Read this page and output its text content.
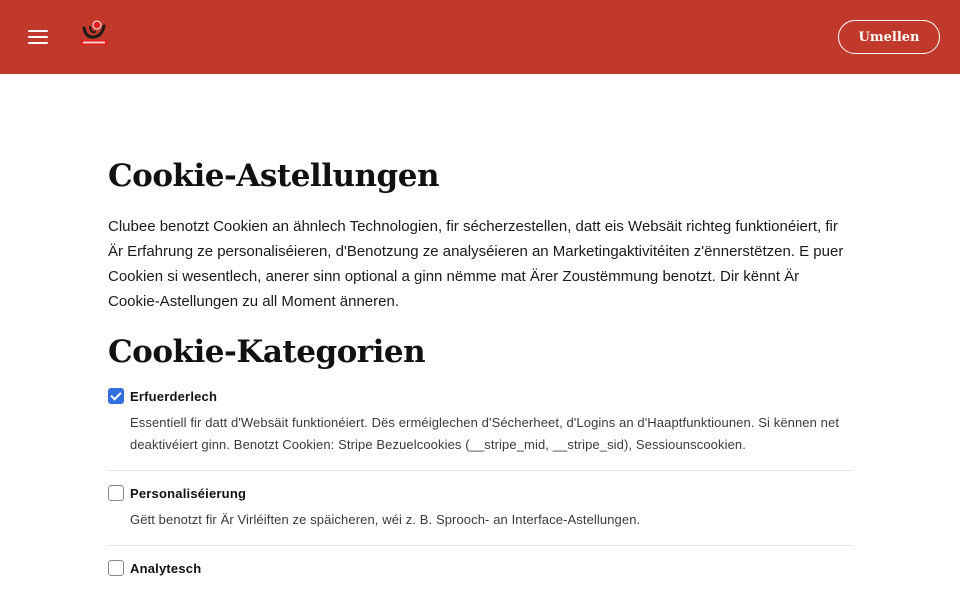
Umellen
Cookie-Astellungen

Clubee benotzt Cookien an ähnlech Technologien, fir sécherzestellen, datt eis Websäit richteg funktionéiert, fir Är Erfahrung ze personaliséieren, d'Benotzung ze analyséieren an Marketingaktivitéiten z'ënnerstëtzen. E puer Cookien si wesentlech, anerer sinn optional a ginn nëmme mat Ärer Zoustëmmung benotzt. Dir kënnt Är Cookie-Astellungen zu all Moment änneren.

Cookie-Kategorien
Erfuerderlech
Essentiell fir datt d'Websäit funktionéiert. Dës erméiglechen d'Sécherheet, d'Logins an d'Haaptfunktiounen. Si kënnen net deaktivéiert ginn. Benotzt Cookien: Stripe Bezuelcookies (__stripe_mid, __stripe_sid), Sessiounscookien.
Personaliséierung
Gëtt benotzt fir Är Virléiften ze späicheren, wéi z. B. Sprooch- an Interface-Astellungen.
Analytesch
